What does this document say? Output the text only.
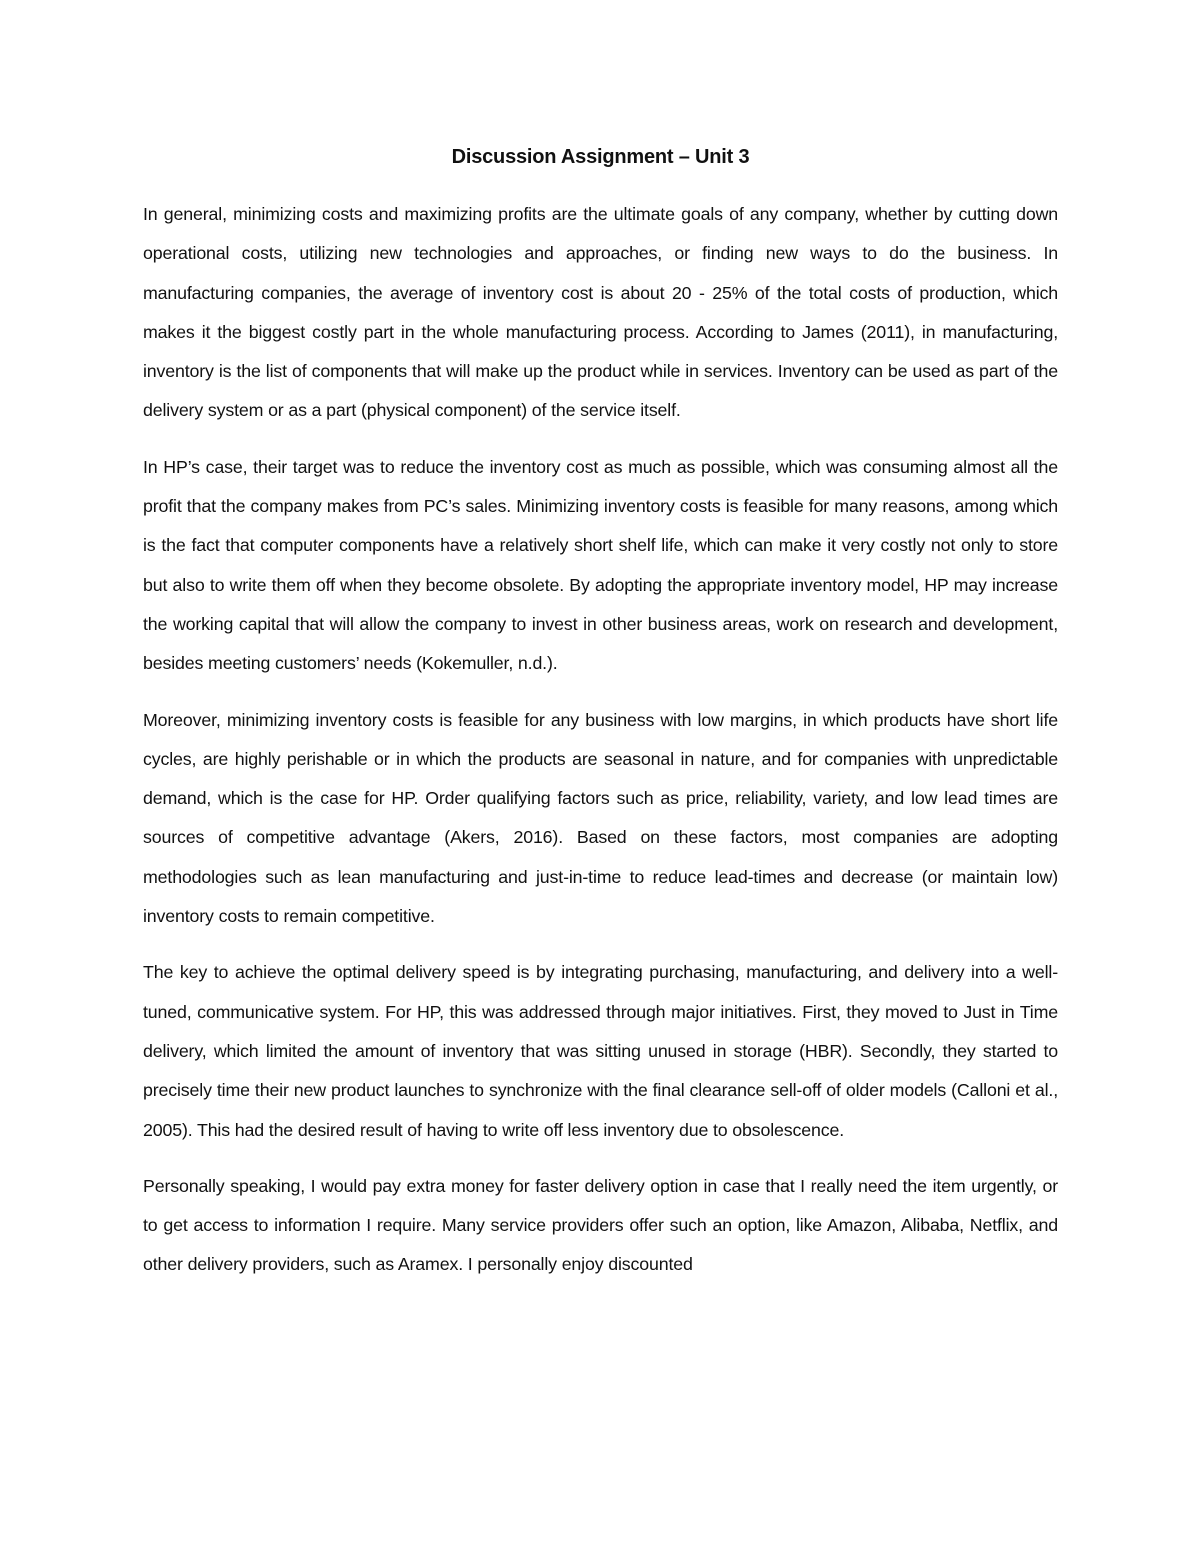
Discussion Assignment – Unit 3

In general, minimizing costs and maximizing profits are the ultimate goals of any company, whether by cutting down operational costs, utilizing new technologies and approaches, or finding new ways to do the business. In manufacturing companies, the average of inventory cost is about 20 - 25% of the total costs of production, which makes it the biggest costly part in the whole manufacturing process. According to James (2011), in manufacturing, inventory is the list of components that will make up the product while in services. Inventory can be used as part of the delivery system or as a part (physical component) of the service itself.

In HP’s case, their target was to reduce the inventory cost as much as possible, which was consuming almost all the profit that the company makes from PC’s sales. Minimizing inventory costs is feasible for many reasons, among which is the fact that computer components have a relatively short shelf life, which can make it very costly not only to store but also to write them off when they become obsolete. By adopting the appropriate inventory model, HP may increase the working capital that will allow the company to invest in other business areas, work on research and development, besides meeting customers’ needs (Kokemuller, n.d.).

Moreover, minimizing inventory costs is feasible for any business with low margins, in which products have short life cycles, are highly perishable or in which the products are seasonal in nature, and for companies with unpredictable demand, which is the case for HP. Order qualifying factors such as price, reliability, variety, and low lead times are sources of competitive advantage (Akers, 2016). Based on these factors, most companies are adopting methodologies such as lean manufacturing and just-in-time to reduce lead-times and decrease (or maintain low) inventory costs to remain competitive.

The key to achieve the optimal delivery speed is by integrating purchasing, manufacturing, and delivery into a well-tuned, communicative system. For HP, this was addressed through major initiatives. First, they moved to Just in Time delivery, which limited the amount of inventory that was sitting unused in storage (HBR). Secondly, they started to precisely time their new product launches to synchronize with the final clearance sell-off of older models (Calloni et al., 2005). This had the desired result of having to write off less inventory due to obsolescence.

Personally speaking, I would pay extra money for faster delivery option in case that I really need the item urgently, or to get access to information I require. Many service providers offer such an option, like Amazon, Alibaba, Netflix, and other delivery providers, such as Aramex. I personally enjoy discounted
